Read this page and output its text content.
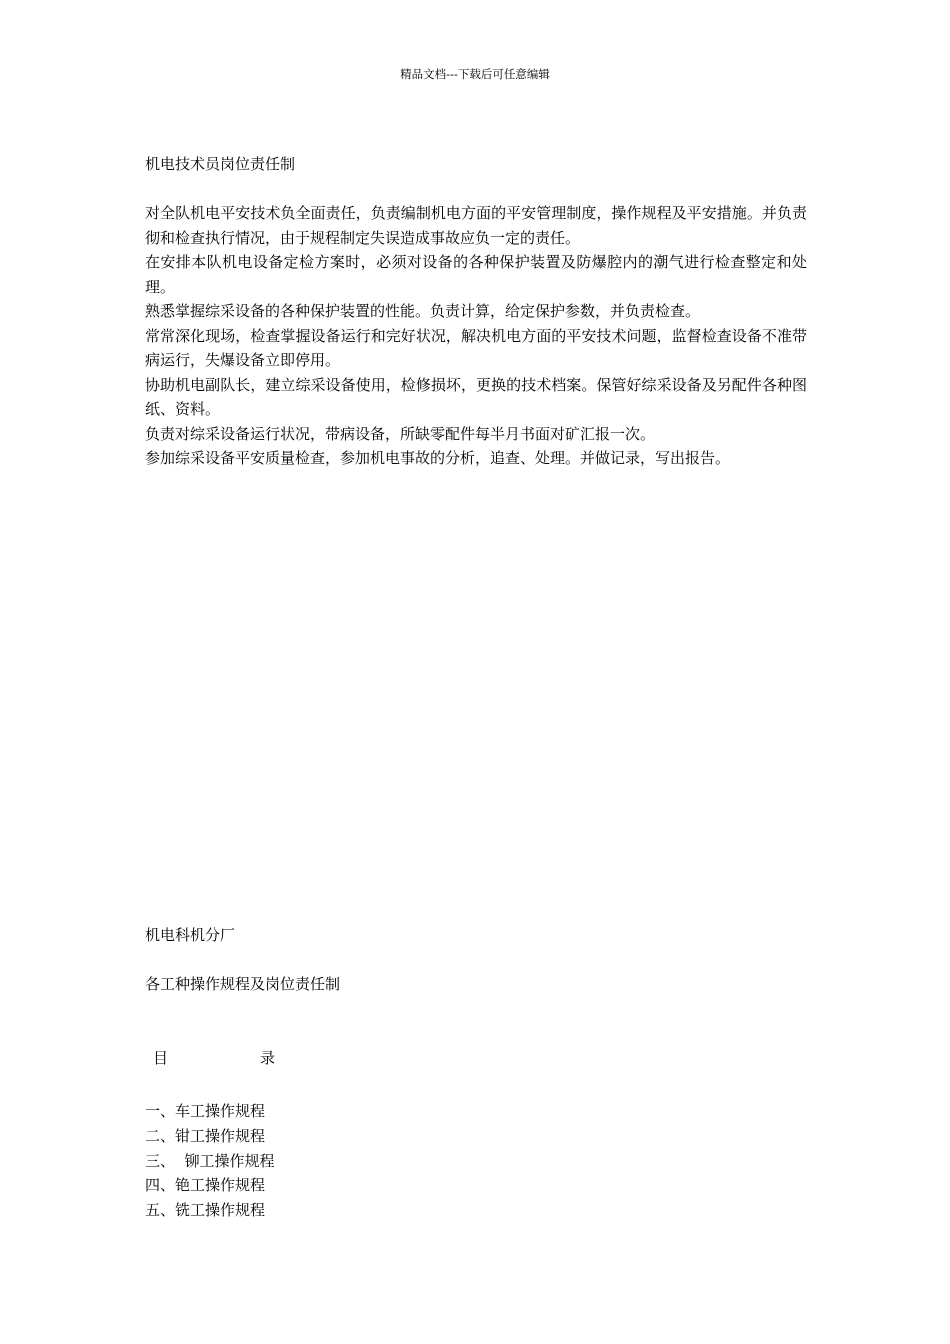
精品文档---下载后可任意编辑
机电技术员岗位责任制

对全队机电平安技术负全面责任，负责编制机电方面的平安管理制度，操作规程及平安措施。并负责彻和检查执行情况，由于规程制定失误造成事故应负一定的责任。

在安排本队机电设备定检方案时，必须对设备的各种保护装置及防爆腔内的潮气进行检查整定和处理。

熟悉掌握综采设备的各种保护装置的性能。负责计算，给定保护参数，并负责检查。

常常深化现场，检查掌握设备运行和完好状况，解决机电方面的平安技术问题，监督检查设备不准带病运行，失爆设备立即停用。

协助机电副队长，建立综采设备使用，检修损坏，更换的技术档案。保管好综采设备及另配件各种图纸、资料。

负责对综采设备运行状况，带病设备，所缺零配件每半月书面对矿汇报一次。

参加综采设备平安质量检查，参加机电事故的分析，追查、处理。并做记录，写出报告。

机电科机分厂
各工种操作规程及岗位责任制
目	录
一、车工操作规程
二、钳工操作规程
三、  铆工操作规程
四、铯工操作规程
五、铣工操作规程
